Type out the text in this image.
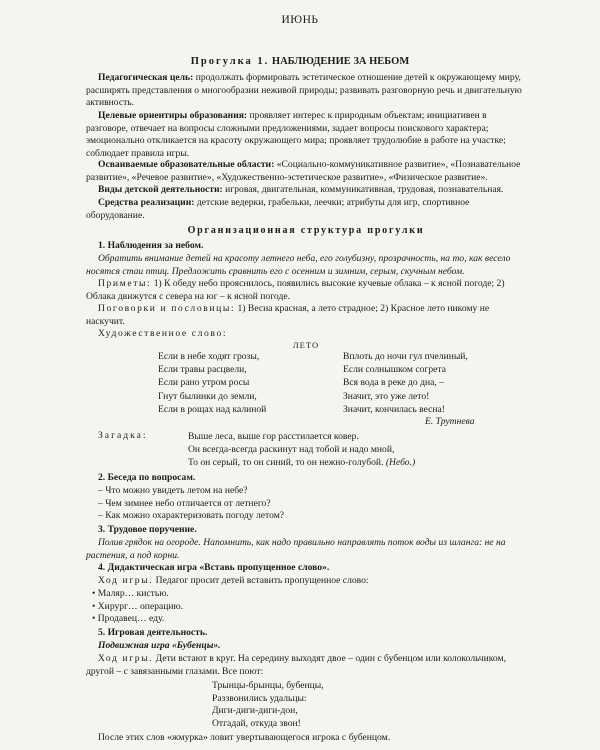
ИЮНЬ
Прогулка 1. НАБЛЮДЕНИЕ ЗА НЕБОМ
Педагогическая цель: продолжать формировать эстетическое отношение детей к окружающему миру, расширять представления о многообразии неживой природы; развивать разговорную речь и двигательную активность.
Целевые ориентиры образования: проявляет интерес к природным объектам; инициативен в разговоре, отвечает на вопросы сложными предложениями, задает вопросы поискового характера; эмоционально откликается на красоту окружающего мира; проявляет трудолюбие в работе на участке; соблюдает правила игры.
Осваиваемые образовательные области: «Социально-коммуникативное развитие», «Познавательное развитие», «Речевое развитие», «Художественно-эстетическое развитие», «Физическое развитие».
Виды детской деятельности: игровая, двигательная, коммуникативная, трудовая, познавательная.
Средства реализации: детские ведерки, грабельки, леечки; атрибуты для игр, спортивное оборудование.
Организационная структура прогулки
1. Наблюдения за небом.
Обратить внимание детей на красоту летнего неба, его голубизну, прозрачность, на то, как весело носятся стаи птиц. Предложить сравнить его с осенним и зимним, серым, скучным небом.
Приметы: 1) К обеду небо прояснилось, появились высокие кучевые облака – к ясной погоде; 2) Облака движутся с севера на юг – к ясной погоде.
Поговорки и пословицы: 1) Весна красная, а лето страдное; 2) Красное лето никому не наскучит.
Художественное слово:
ЛЕТО
Если в небе ходят грозы,
Если травы расцвели,
Если рано утром росы
Гнут былинки до земли,
Если в рощах над калиной
Вплоть до ночи гул пчелиный,
Если солнышком согрета
Вся вода в реке до дна, –
Значит, это уже лето!
Значит, кончилась весна!
Е. Трутнева
Загадка:	Выше леса, выше гор расстилается ковер.
Он всегда-всегда раскинут над тобой и надо мной,
То он серый, то он синий, то он нежно-голубой. (Небо.)
2. Беседа по вопросам.
– Что можно увидеть летом на небе?
– Чем зимнее небо отличается от летнего?
– Как можно охарактеризовать погоду летом?
3. Трудовое поручение.
Полив грядок на огороде. Напомнить, как надо правильно направлять поток воды из шланга: не на растения, а под корни.
4. Дидактическая игра «Вставь пропущенное слово».
Ход игры. Педагог просит детей вставить пропущенное слово:
• Маляр… кистью.
• Хирург… операцию.
• Продавец… еду.
5. Игровая деятельность.
Подвижная игра «Бубенцы».
Ход игры. Дети встают в круг. На середину выходят двое – один с бубенцом или колокольчиком, другой – с завязанными глазами. Все поют:
Трынцы-брынцы, бубенцы,
Раззвонились удальцы:
Диги-диги-диги-дон,
Отгадай, откуда звон!
После этих слов «жмурка» ловит увертывающегося игрока с бубенцом.
